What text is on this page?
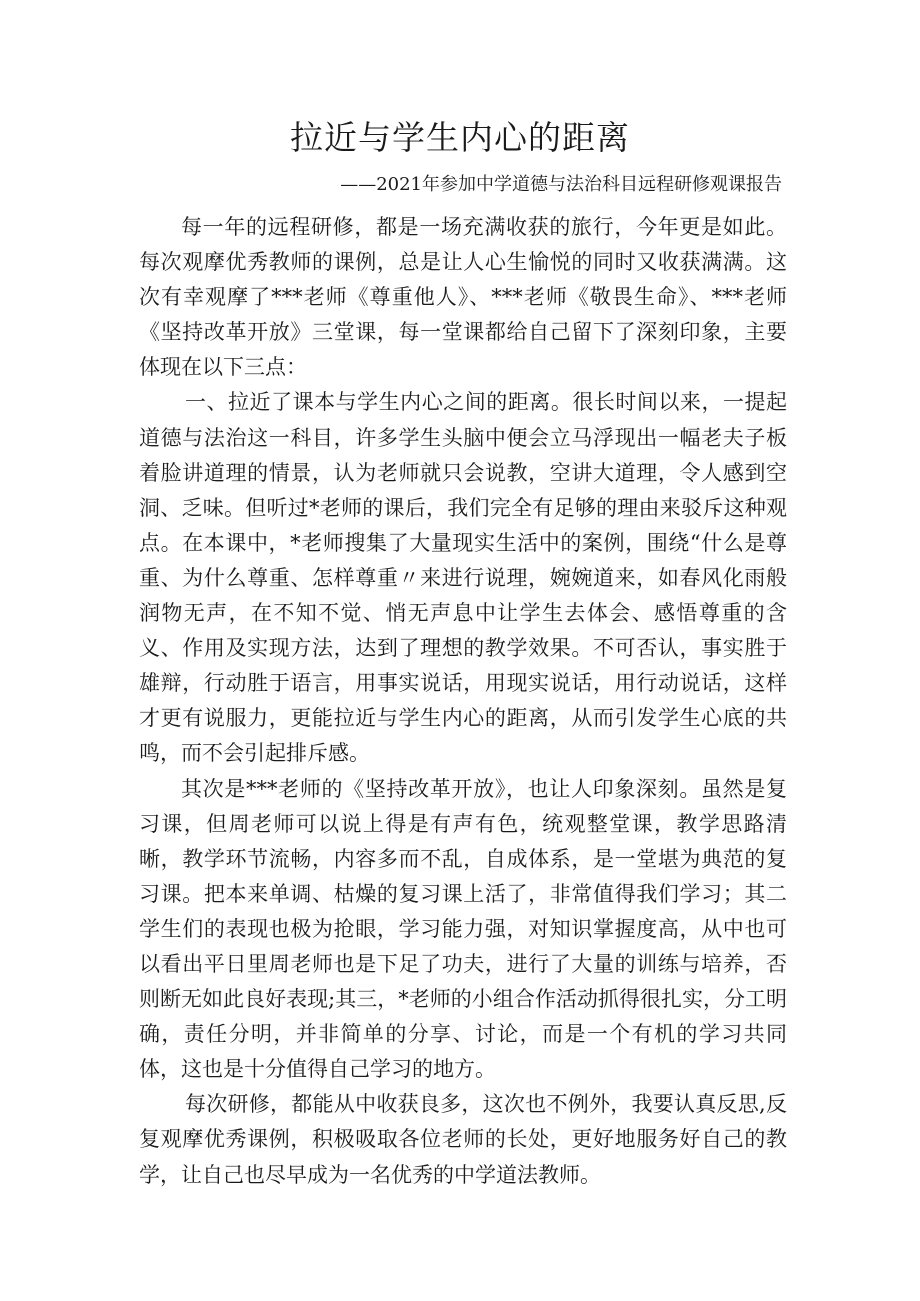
拉近与学生内心的距离

——2021年参加中学道德与法治科目远程研修观课报告

每一年的远程研修，都是一场充满收获的旅行，今年更是如此。每次观摩优秀教师的课例，总是让人心生愉悦的同时又收获满满。这次有幸观摩了***老师《尊重他人》、***老师《敬畏生命》、***老师《坚持改革开放》三堂课，每一堂课都给自己留下了深刻印象，主要体现在以下三点：

一、拉近了课本与学生内心之间的距离。很长时间以来，一提起道德与法治这一科目，许多学生头脑中便会立马浮现出一幅老夫子板着脸讲道理的情景，认为老师就只会说教，空讲大道理，令人感到空洞、乏味。但听过*老师的课后，我们完全有足够的理由来驳斥这种观点。在本课中，*老师搜集了大量现实生活中的案例，围绕“什么是尊重、为什么尊重、怎样尊重〃来进行说理，婉婉道来，如春风化雨般润物无声，在不知不觉、悄无声息中让学生去体会、感悟尊重的含义、作用及实现方法，达到了理想的教学效果。不可否认，事实胜于雄辩，行动胜于语言，用事实说话，用现实说话，用行动说话，这样才更有说服力，更能拉近与学生内心的距离，从而引发学生心底的共鸣，而不会引起排斥感。

其次是***老师的《坚持改革开放》，也让人印象深刻。虽然是复习课，但周老师可以说上得是有声有色，统观整堂课，教学思路清晰，教学环节流畅，内容多而不乱，自成体系，是一堂堪为典范的复习课。把本来单调、枯燥的复习课上活了，非常值得我们学习；其二学生们的表现也极为抢眼，学习能力强，对知识掌握度高，从中也可以看出平日里周老师也是下足了功夫，进行了大量的训练与培养，否则断无如此良好表现;其三，*老师的小组合作活动抓得很扎实，分工明确，责任分明，并非简单的分享、讨论，而是一个有机的学习共同体，这也是十分值得自己学习的地方。

每次研修，都能从中收获良多，这次也不例外，我要认真反思,反复观摩优秀课例，积极吸取各位老师的长处，更好地服务好自己的教学，让自己也尽早成为一名优秀的中学道法教师。
